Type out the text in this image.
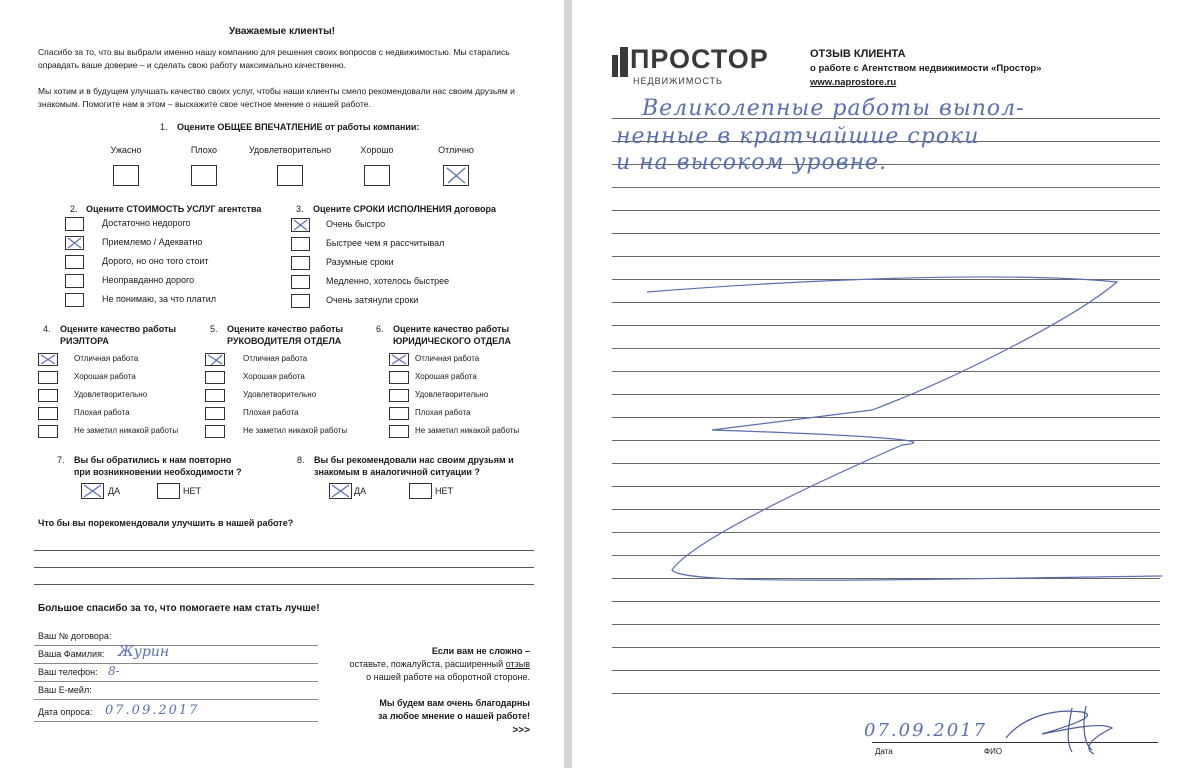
Уважаемые клиенты!
Спасибо за то, что вы выбрали именно нашу компанию для решения своих вопросов с недвижимостью. Мы старались оправдать ваше доверие – и сделать свою работу максимально качественно.
Мы хотим и в будущем улучшать качество своих услуг, чтобы наши клиенты смело рекомендовали нас своим друзьям и знакомым. Помогите нам в этом – выскажите свое честное мнение о нашей работе.
1. Оцените ОБЩЕЕ ВПЕЧАТЛЕНИЕ от работы компании:
Ужасно	Плохо	Удовлетворительно	Хорошо	Отлично
2. Оцените СТОИМОСТЬ УСЛУГ агентства
Достаточно недорого
Приемлемо / Адекватно
Дорого, но оно того стоит
Неоправданно дорого
Не понимаю, за что платил
3. Оцените СРОКИ ИСПОЛНЕНИЯ договора
Очень быстро
Быстрее чем я рассчитывал
Разумные сроки
Медленно, хотелось быстрее
Очень затянули сроки
4. Оцените качество работы
РИЭЛТОРА
Отличная работа
Хорошая работа
Удовлетворительно
Плохая работа
Не заметил никакой работы
5. Оцените качество работы
РУКОВОДИТЕЛЯ ОТДЕЛА
Отличная работа
Хорошая работа
Удовлетворительно
Плохая работа
Не заметил никакой работы
6. Оцените качество работы
ЮРИДИЧЕСКОГО ОТДЕЛА
Отличная работа
Хорошая работа
Удовлетворительно
Плохая работа
Не заметил никакой работы
7. Вы бы обратились к нам повторно
при возникновении необходимости ?
ДА	НЕТ
8. Вы бы рекомендовали нас своим друзьям и
знакомым в аналогичной ситуации ?
ДА	НЕТ
Что бы вы порекомендовали улучшить в нашей работе?
Большое спасибо за то, что помогаете нам стать лучше!
Ваш № договора:
Ваша Фамилия: Журин
Ваш телефон: 8-
Ваш Е-мейл:
Дата опроса: 07.09.2017
Если вам не сложно –
оставьте, пожалуйста, расширенный отзыв
о нашей работе на оборотной стороне.
Мы будем вам очень благодарны
за любое мнение о нашей работе!
>>>
ПРОСТОР
НЕДВИЖИМОСТЬ
ОТЗЫВ КЛИЕНТА
о работе с Агентством недвижимости «Простор»
www.naprostore.ru
Великолепные работы выпол-
ненные в кратчайшие сроки
и на высоком уровне.
07.09.2017
Дата	ФИО
